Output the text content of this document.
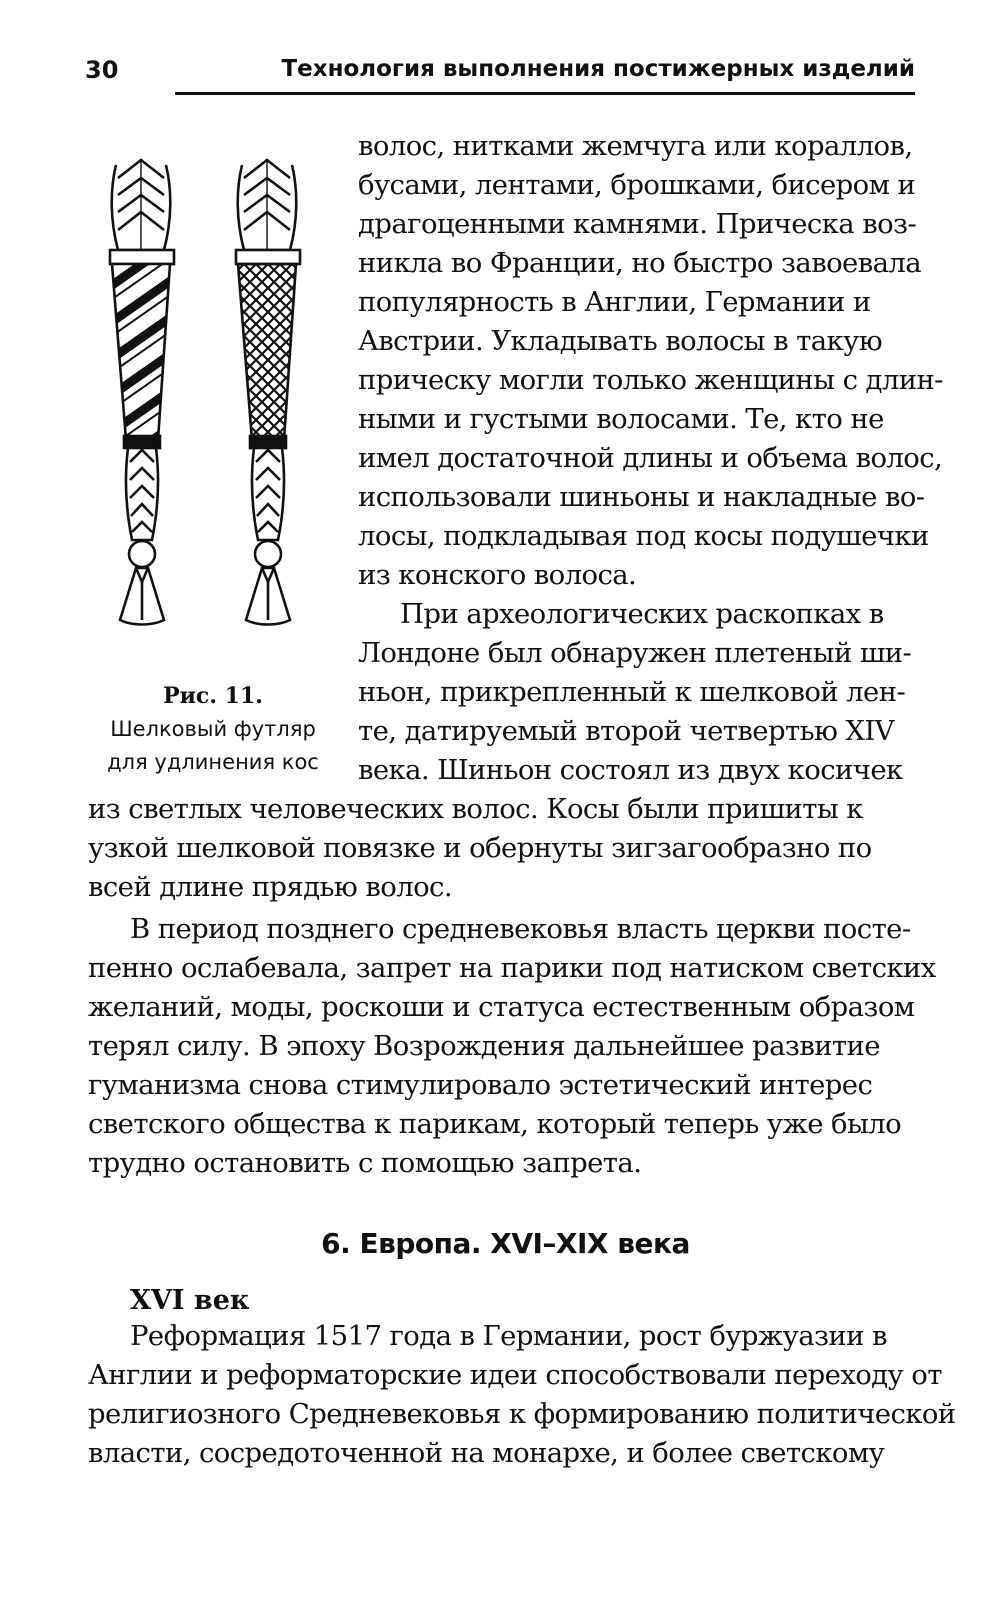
30	Технология выполнения постижерных изделий
Рис. 11.
Шелковый футляр
для удлинения кос
волос, нитками жемчуга или кораллов,
бусами, лентами, брошками, бисером и
драгоценными камнями. Прическа воз-
никла во Франции, но быстро завоевала
популярность в Англии, Германии и
Австрии. Укладывать волосы в такую
прическу могли только женщины с длин-
ными и густыми волосами. Те, кто не
имел достаточной длины и объема волос,
использовали шиньоны и накладные во-
лосы, подкладывая под косы подушечки
из конского волоса.
При археологических раскопках в
Лондоне был обнаружен плетеный ши-
ньон, прикрепленный к шелковой лен-
те, датируемый второй четвертью XIV
века. Шиньон состоял из двух косичек
из светлых человеческих волос. Косы были пришиты к
узкой шелковой повязке и обернуты зигзагообразно по
всей длине прядью волос.
В период позднего средневековья власть церкви посте-
пенно ослабевала, запрет на парики под натиском светских
желаний, моды, роскоши и статуса естественным образом
терял силу. В эпоху Возрождения дальнейшее развитие
гуманизма снова стимулировало эстетический интерес
светского общества к парикам, который теперь уже было
трудно остановить с помощью запрета.
6. Европа. XVI–XIX века
XVI век
Реформация 1517 года в Германии, рост буржуазии в
Англии и реформаторские идеи способствовали переходу от
религиозного Средневековья к формированию политической
власти, сосредоточенной на монархе, и более светскому
